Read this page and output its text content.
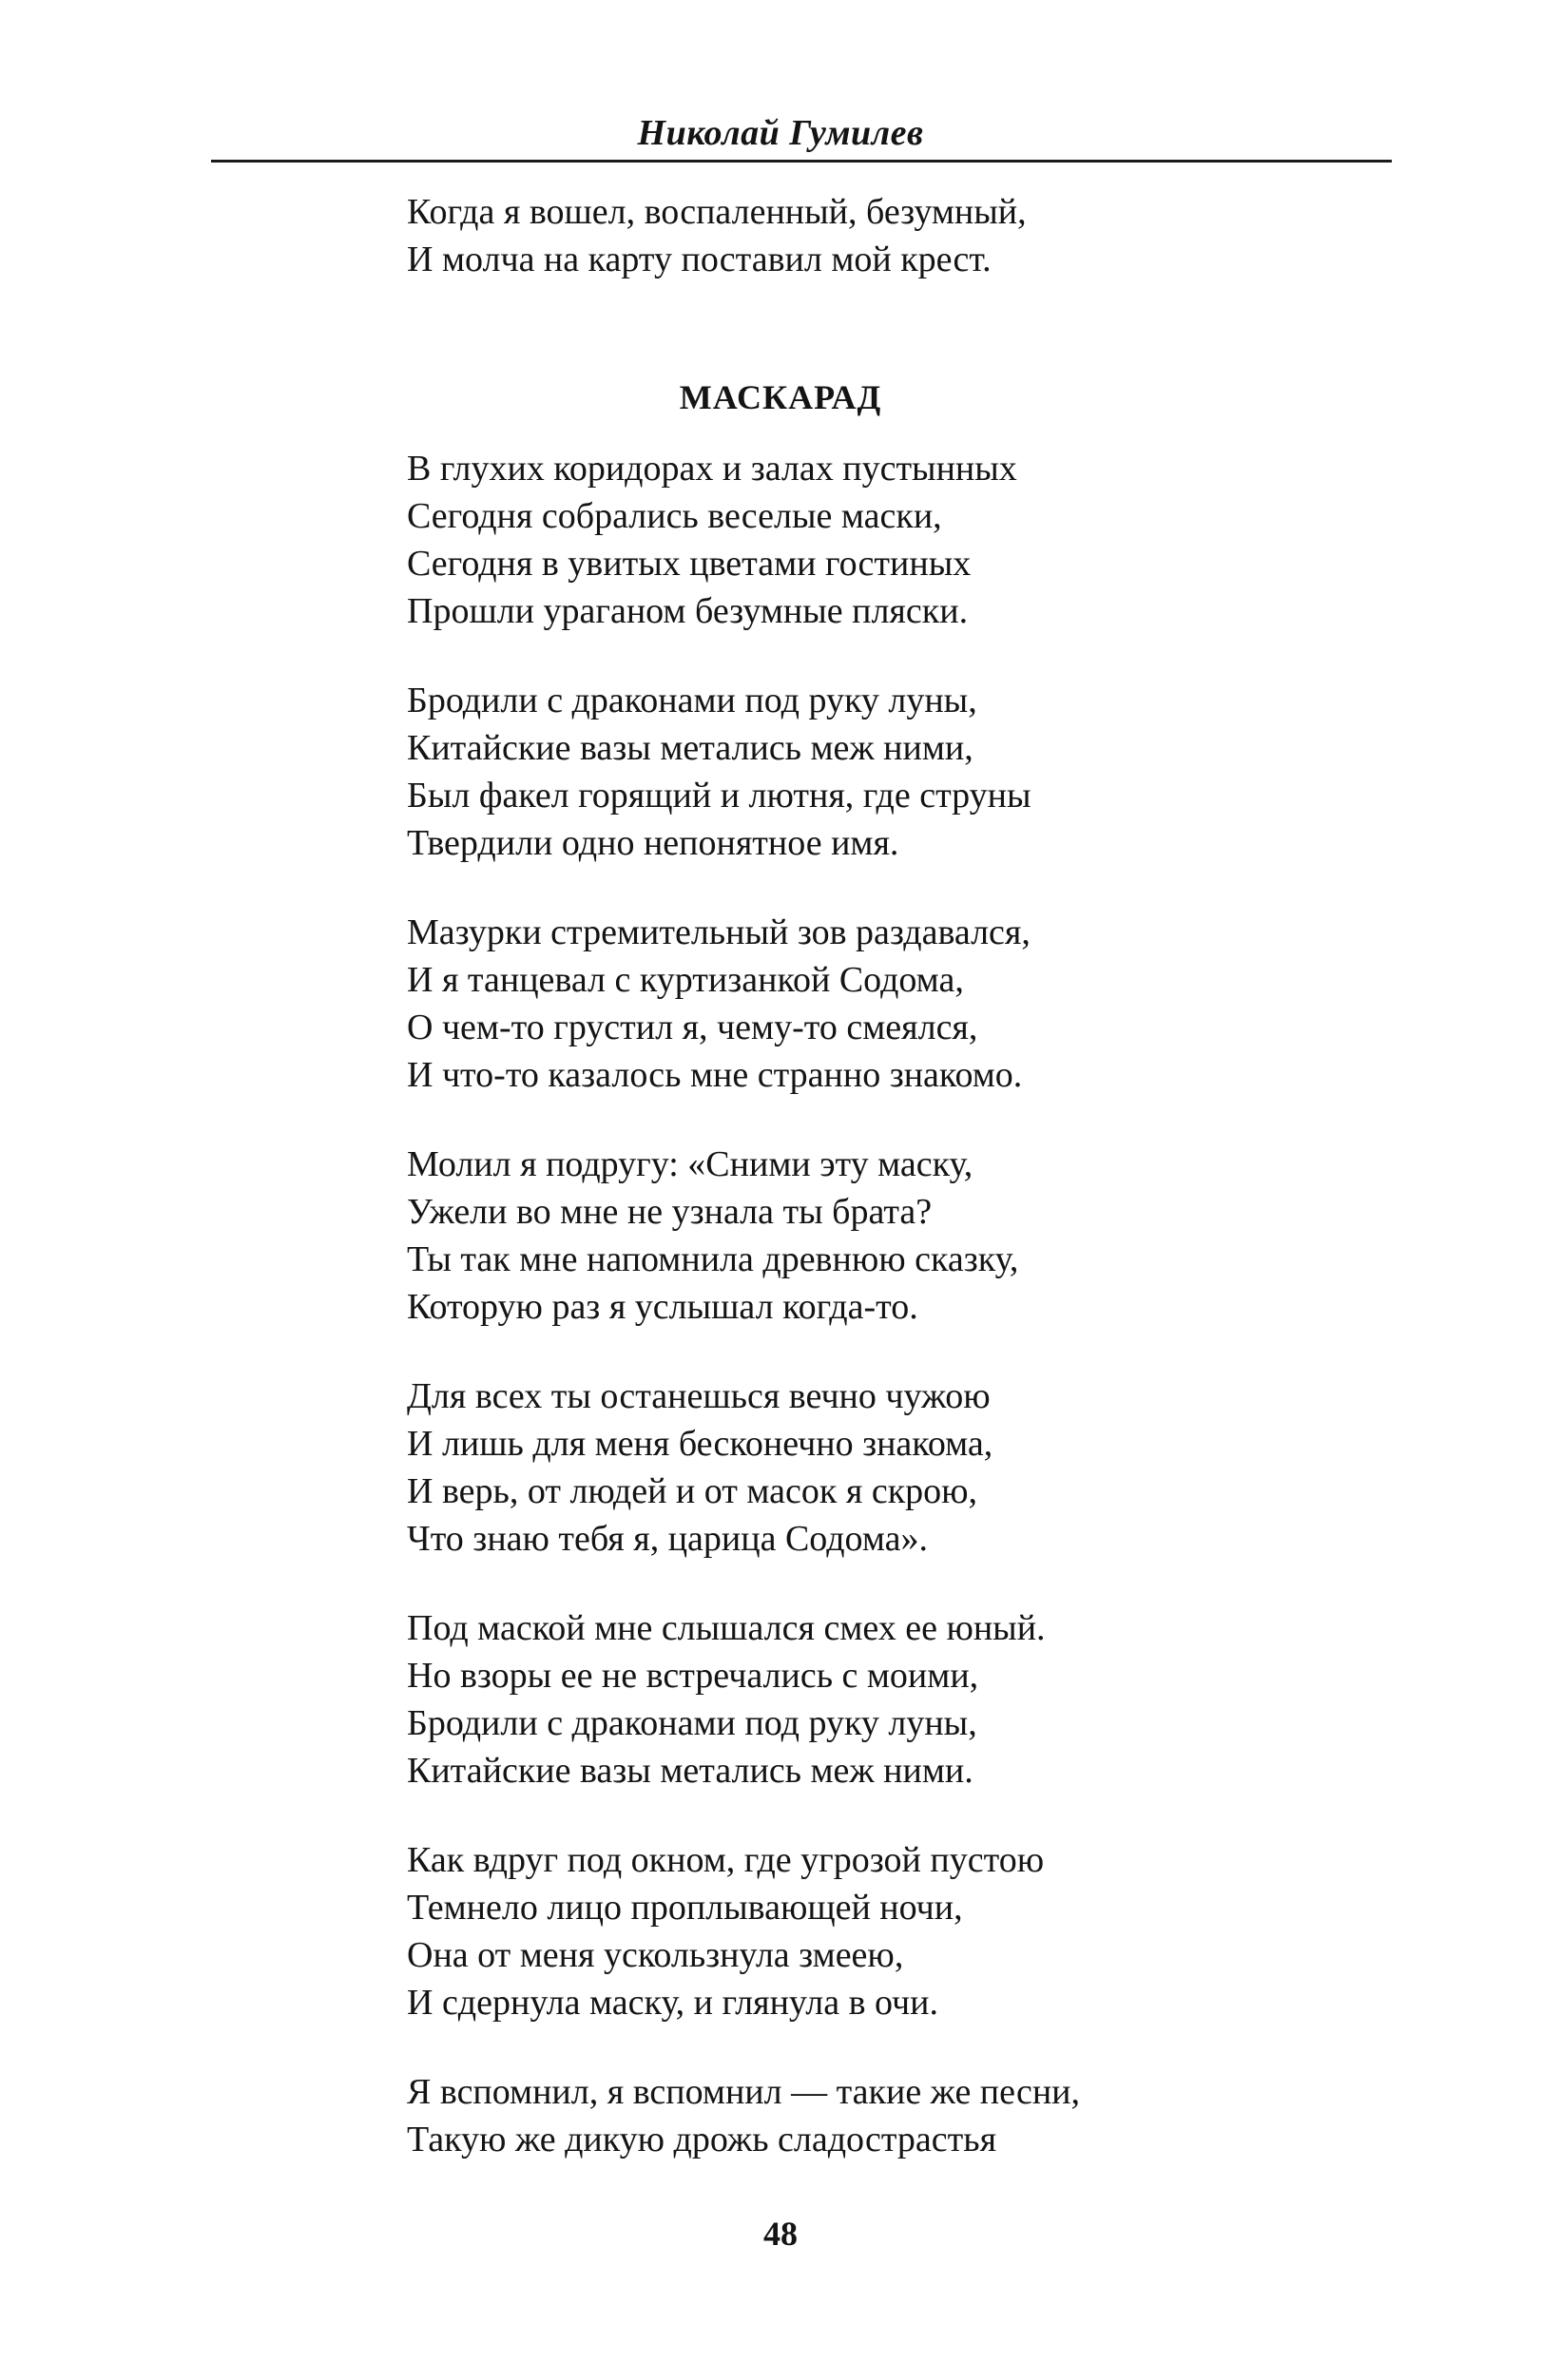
Николай Гумилев
Когда я вошел, воспаленный, безумный,
И молча на карту поставил мой крест.
МАСКАРАД
В глухих коридорах и залах пустынных
Сегодня собрались веселые маски,
Сегодня в увитых цветами гостиных
Прошли ураганом безумные пляски.
Бродили с драконами под руку луны,
Китайские вазы метались меж ними,
Был факел горящий и лютня, где струны
Твердили одно непонятное имя.
Мазурки стремительный зов раздавался,
И я танцевал с куртизанкой Содома,
О чем-то грустил я, чему-то смеялся,
И что-то казалось мне странно знакомо.
Молил я подругу: «Сними эту маску,
Ужели во мне не узнала ты брата?
Ты так мне напомнила древнюю сказку,
Которую раз я услышал когда-то.
Для всех ты останешься вечно чужою
И лишь для меня бесконечно знакома,
И верь, от людей и от масок я скрою,
Что знаю тебя я, царица Содома».
Под маской мне слышался смех ее юный.
Но взоры ее не встречались с моими,
Бродили с драконами под руку луны,
Китайские вазы метались меж ними.
Как вдруг под окном, где угрозой пустою
Темнело лицо проплывающей ночи,
Она от меня ускользнула змеею,
И сдернула маску, и глянула в очи.
Я вспомнил, я вспомнил — такие же песни,
Такую же дикую дрожь сладострастья
48
